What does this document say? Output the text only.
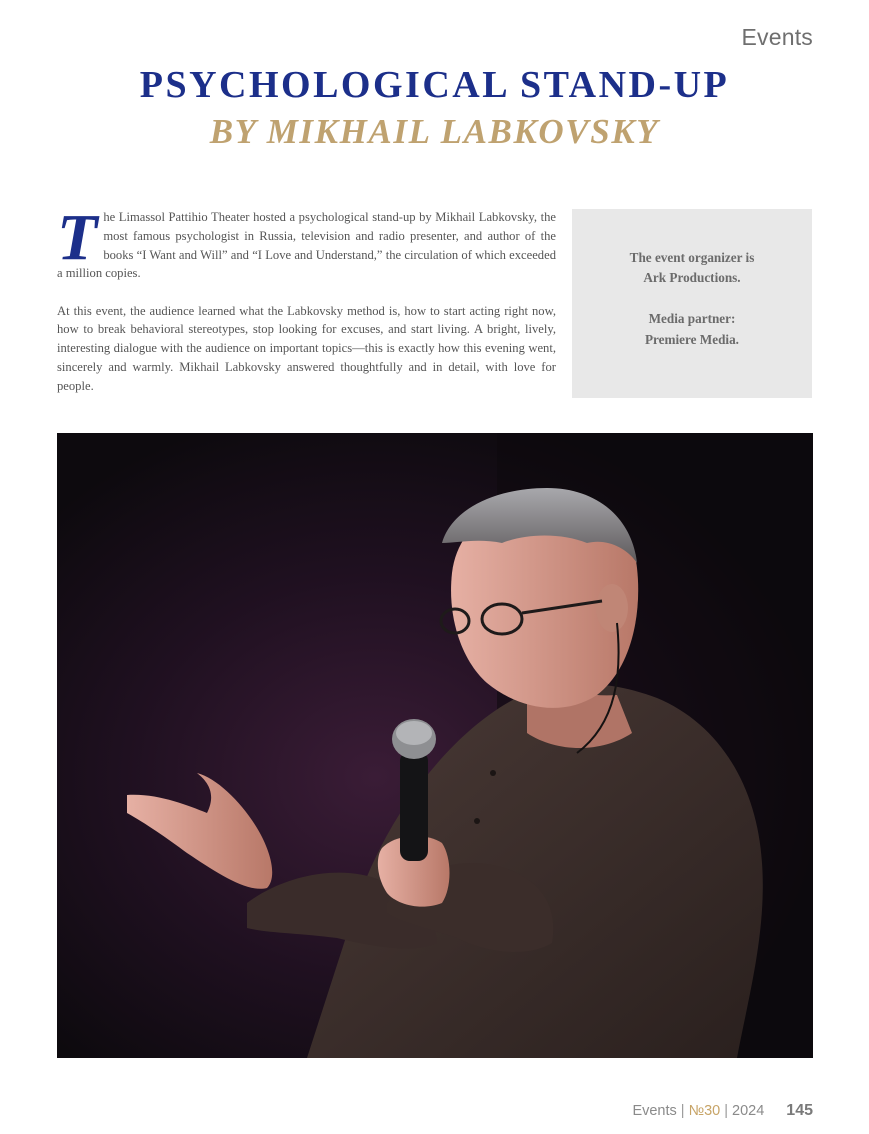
Events
PSYCHOLOGICAL STAND-UP
BY MIKHAIL LABKOVSKY

The Limassol Pattihio Theater hosted a psychological stand-up by Mikhail Labkovsky, the most famous psychologist in Russia, television and radio presenter, and author of the books “I Want and Will” and “I Love and Understand,” the circulation of which exceeded a million copies.

At this event, the audience learned what the Labkovsky method is, how to start acting right now, how to break behavioral stereotypes, stop looking for excuses, and start living. A bright, lively, interesting dialogue with the audience on important topics—this is exactly how this evening went, sincerely and warmly. Mikhail Labkovsky answered thoughtfully and in detail, with love for people.

The event organizer is
Ark Productions.
Media partner:
Premiere Media.
Events | №30 | 2024 145
